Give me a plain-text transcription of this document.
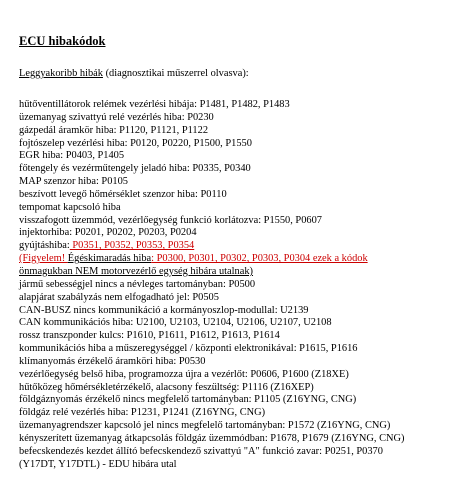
ECU hibakódok
Leggyakoribb hibák (diagnosztikai műszerrel olvasva):
hűtőventillátorok relémek vezérlési hibája: P1481, P1482, P1483
üzemanyag szivattyú relé vezérlés hiba: P0230
gázpedál áramkör hiba: P1120, P1121, P1122
fojtószelep vezérlési hiba: P0120, P0220, P1500, P1550
EGR hiba: P0403, P1405
főtengely és vezérműtengely jeladó hiba: P0335, P0340
MAP szenzor hiba: P0105
beszívott levegő hőmérséklet szenzor hiba: P0110
tempomat kapcsoló hiba
visszafogott üzemmód, vezérlőegység funkció korlátozva: P1550, P0607
injektorhiba: P0201, P0202, P0203, P0204
gyújtáshiba: P0351, P0352, P0353, P0354
(Figyelem! Égéskimaradás hiba: P0300, P0301, P0302, P0303, P0304 ezek a kódok
önmagukban NEM motorvezérlő egység hibára utalnak)
jármű sebességjel nincs a névleges tartományban: P0500
alapjárat szabályzás nem elfogadható jel: P0505
CAN-BUSZ nincs kommunikáció a kormányoszlop-modullal: U2139
CAN kommunikációs hiba: U2100, U2103, U2104, U2106, U2107, U2108
rossz transzponder kulcs: P1610, P1611, P1612, P1613, P1614
kommunikációs hiba a műszeregységgel / központi elektronikával: P1615, P1616
klímanyomás érzékelő áramköri hiba: P0530
vezérlőegység belső hiba, programozza újra a vezérlőt: P0606, P1600 (Z18XE)
hűtőközeg hőmérsékletérzékelő, alacsony feszültség: P1116 (Z16XEP)
földgáznyomás érzékelő nincs megfelelő tartományban: P1105 (Z16YNG, CNG)
földgáz relé vezérlés hiba: P1231, P1241 (Z16YNG, CNG)
üzemanyagrendszer kapcsoló jel nincs megfelelő tartományban: P1572 (Z16YNG, CNG)
kényszerített üzemanyag átkapcsolás földgáz üzemmódban: P1678, P1679 (Z16YNG, CNG)
befecskendezés kezdet állító befecskendező szivattyú "A" funkció zavar: P0251, P0370
(Y17DT, Y17DTL) - EDU hibára utal
